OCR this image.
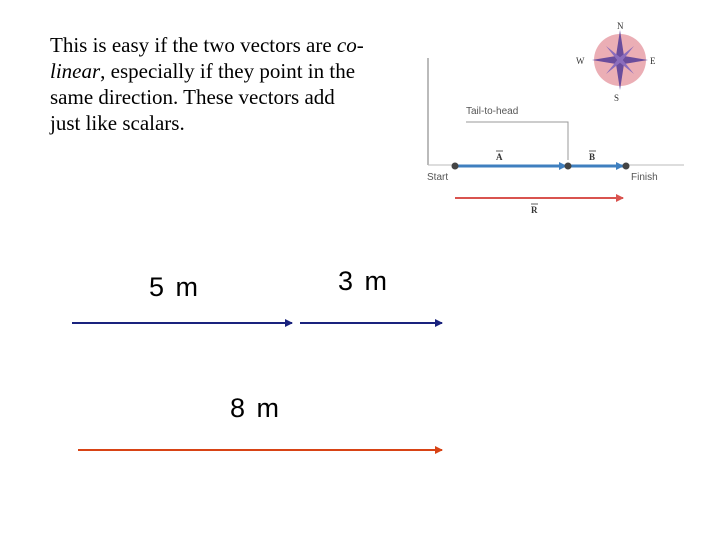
This is easy if the two vectors are co-linear, especially if they point in the same direction. These vectors add just like scalars.
N
S
E
W
Tail-to-head
A	B
Start	Finish
R
5 m	3 m
8 m
